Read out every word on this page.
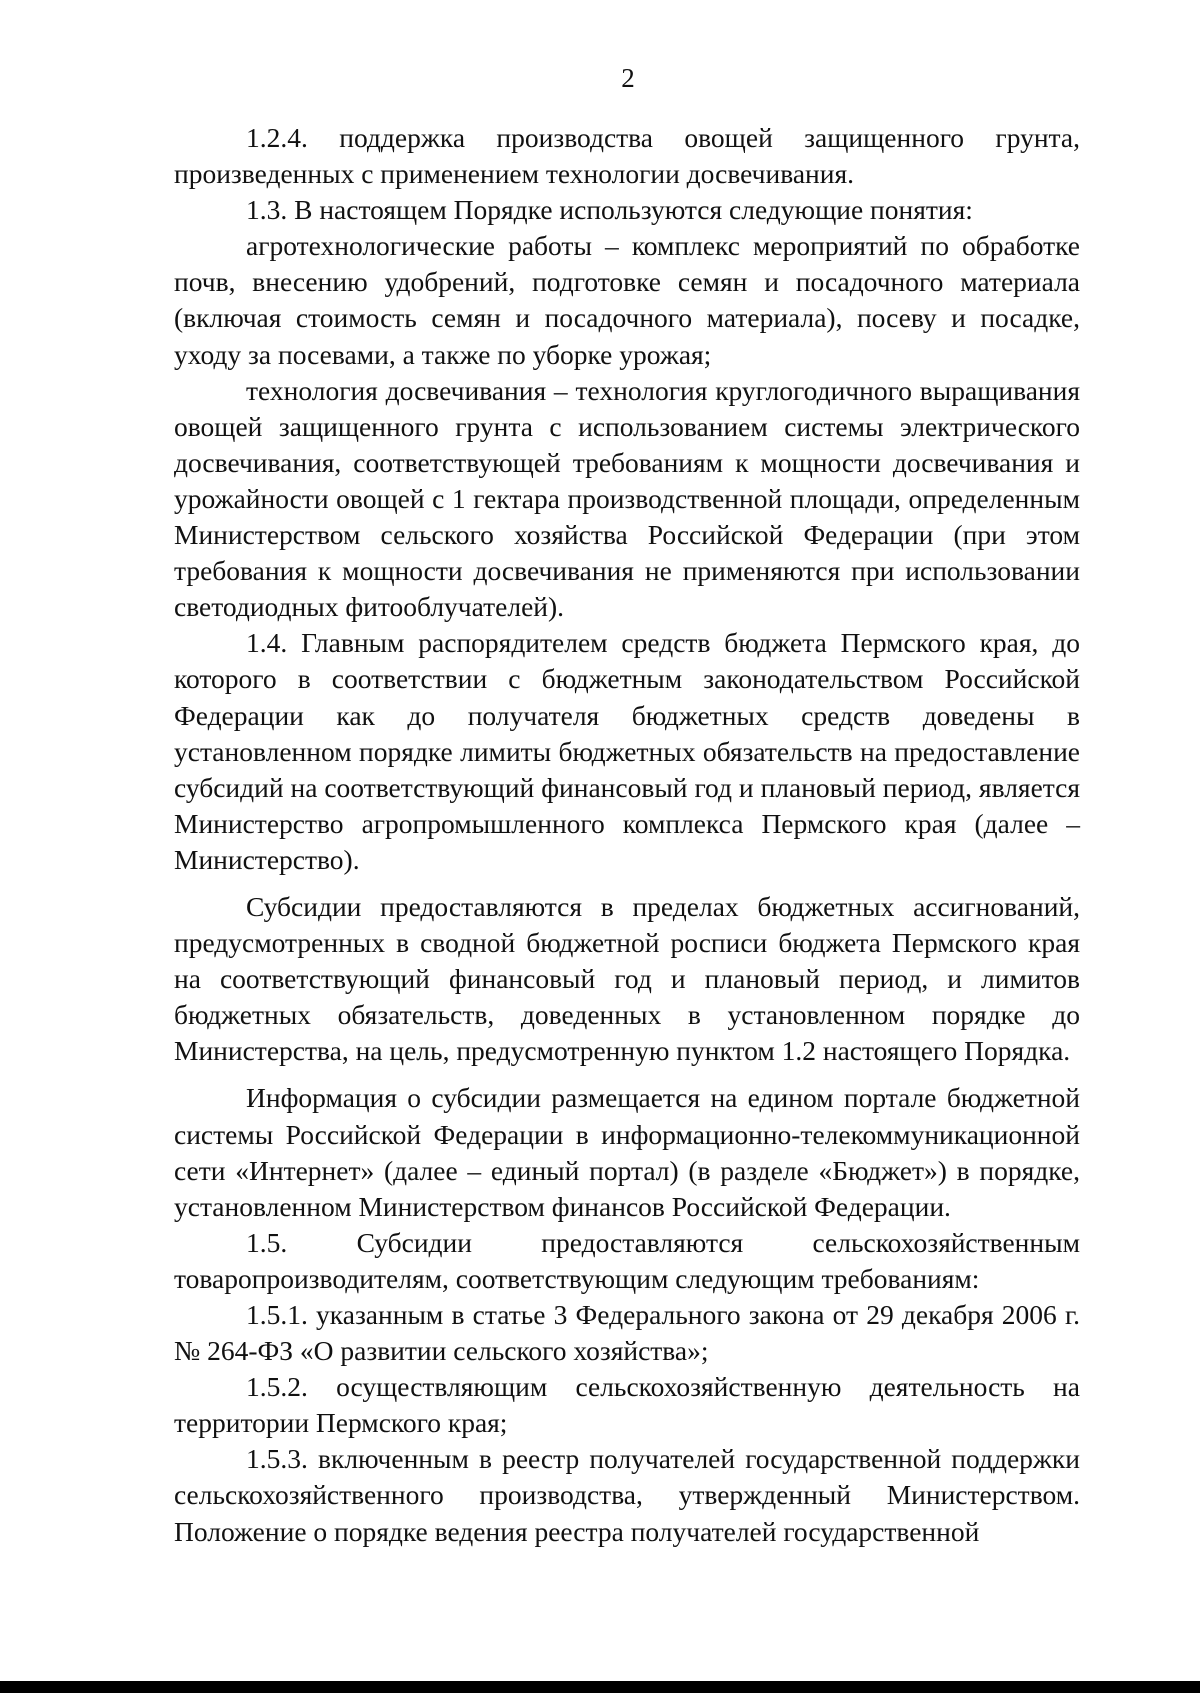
2

1.2.4. поддержка производства овощей защищенного грунта, произведенных с применением технологии досвечивания.

1.3. В настоящем Порядке используются следующие понятия:

агротехнологические работы – комплекс мероприятий по обработке почв, внесению удобрений, подготовке семян и посадочного материала (включая стоимость семян и посадочного материала), посеву и посадке, уходу за посевами, а также по уборке урожая;

технология досвечивания – технология круглогодичного выращивания овощей защищенного грунта с использованием системы электрического досвечивания, соответствующей требованиям к мощности досвечивания и урожайности овощей с 1 гектара производственной площади, определенным Министерством сельского хозяйства Российской Федерации (при этом требования к мощности досвечивания не применяются при использовании светодиодных фитооблучателей).

1.4. Главным распорядителем средств бюджета Пермского края, до которого в соответствии с бюджетным законодательством Российской Федерации как до получателя бюджетных средств доведены в установленном порядке лимиты бюджетных обязательств на предоставление субсидий на соответствующий финансовый год и плановый период, является Министерство агропромышленного комплекса Пермского края (далее – Министерство).

Субсидии предоставляются в пределах бюджетных ассигнований, предусмотренных в сводной бюджетной росписи бюджета Пермского края на соответствующий финансовый год и плановый период, и лимитов бюджетных обязательств, доведенных в установленном порядке до Министерства, на цель, предусмотренную пунктом 1.2 настоящего Порядка.

Информация о субсидии размещается на едином портале бюджетной системы Российской Федерации в информационно-телекоммуникационной сети «Интернет» (далее – единый портал) (в разделе «Бюджет») в порядке, установленном Министерством финансов Российской Федерации.

1.5. Субсидии предоставляются сельскохозяйственным товаропроизводителям, соответствующим следующим требованиям:

1.5.1. указанным в статье 3 Федерального закона от 29 декабря 2006 г. № 264-ФЗ «О развитии сельского хозяйства»;

1.5.2. осуществляющим сельскохозяйственную деятельность на территории Пермского края;

1.5.3. включенным в реестр получателей государственной поддержки сельскохозяйственного производства, утвержденный Министерством. Положение о порядке ведения реестра получателей государственной
